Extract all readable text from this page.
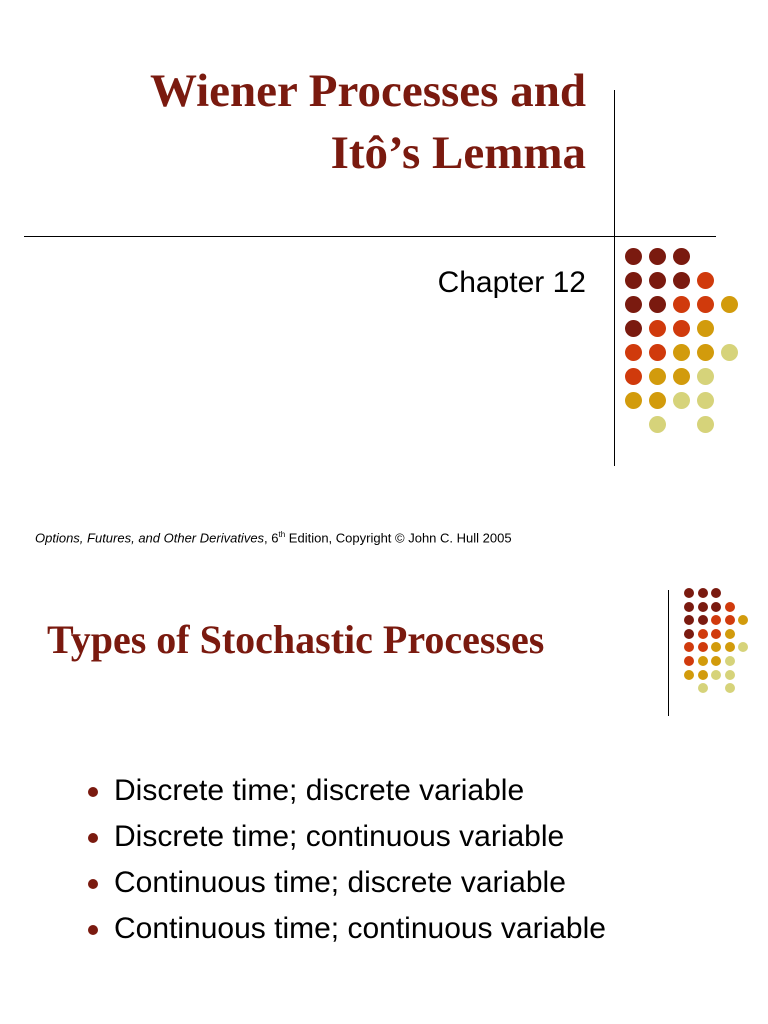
Wiener Processes and
Itô’s Lemma

Chapter 12

Options, Futures, and Other Derivatives, 6th Edition, Copyright © John C. Hull 2005
Types of Stochastic Processes
Discrete time; discrete variable
Discrete time; continuous variable
Continuous time; discrete variable
Continuous time; continuous variable
